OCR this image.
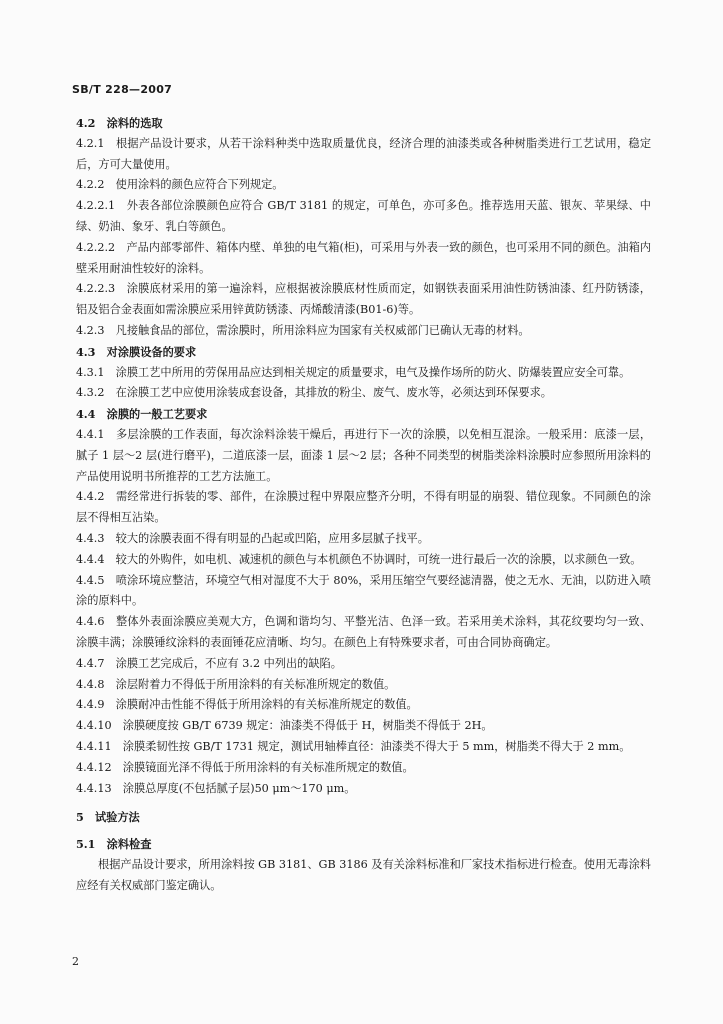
SB/T 228—2007

4.2　涂料的选取

4.2.1　根据产品设计要求，从若干涂料种类中选取质量优良，经济合理的油漆类或各种树脂类进行工艺试用，稳定后，方可大量使用。

4.2.2　使用涂料的颜色应符合下列规定。

4.2.2.1　外表各部位涂膜颜色应符合 GB/T 3181 的规定，可单色，亦可多色。推荐选用天蓝、银灰、苹果绿、中绿、奶油、象牙、乳白等颜色。

4.2.2.2　产品内部零部件、箱体内壁、单独的电气箱(柜)，可采用与外表一致的颜色，也可采用不同的颜色。油箱内壁采用耐油性较好的涂料。

4.2.2.3　涂膜底材采用的第一遍涂料，应根据被涂膜底材性质而定，如钢铁表面采用油性防锈油漆、红丹防锈漆，铝及铝合金表面如需涂膜应采用锌黄防锈漆、丙烯酸清漆(B01-6)等。

4.2.3　凡接触食品的部位，需涂膜时，所用涂料应为国家有关权威部门已确认无毒的材料。

4.3　对涂膜设备的要求

4.3.1　涂膜工艺中所用的劳保用品应达到相关规定的质量要求，电气及操作场所的防火、防爆装置应安全可靠。

4.3.2　在涂膜工艺中应使用涂装成套设备，其排放的粉尘、废气、废水等，必须达到环保要求。

4.4　涂膜的一般工艺要求

4.4.1　多层涂膜的工作表面，每次涂料涂装干燥后，再进行下一次的涂膜，以免相互混涂。一般采用：底漆一层，腻子 1 层～2 层(进行磨平)，二道底漆一层，面漆 1 层～2 层；各种不同类型的树脂类涂料涂膜时应参照所用涂料的产品使用说明书所推荐的工艺方法施工。

4.4.2　需经常进行拆装的零、部件，在涂膜过程中界限应整齐分明，不得有明显的崩裂、错位现象。不同颜色的涂层不得相互沾染。

4.4.3　较大的涂膜表面不得有明显的凸起或凹陷，应用多层腻子找平。

4.4.4　较大的外购件，如电机、减速机的颜色与本机颜色不协调时，可统一进行最后一次的涂膜，以求颜色一致。

4.4.5　喷涂环境应整洁，环境空气相对湿度不大于 80%，采用压缩空气要经滤清器，使之无水、无油，以防进入喷涂的原料中。

4.4.6　整体外表面涂膜应美观大方，色调和谐均匀、平整光洁、色泽一致。若采用美术涂料，其花纹要均匀一致、涂膜丰满；涂膜锤纹涂料的表面锤花应清晰、均匀。在颜色上有特殊要求者，可由合同协商确定。

4.4.7　涂膜工艺完成后，不应有 3.2 中列出的缺陷。

4.4.8　涂层附着力不得低于所用涂料的有关标准所规定的数值。

4.4.9　涂膜耐冲击性能不得低于所用涂料的有关标准所规定的数值。

4.4.10　涂膜硬度按 GB/T 6739 规定：油漆类不得低于 H，树脂类不得低于 2H。

4.4.11　涂膜柔韧性按 GB/T 1731 规定，测试用轴棒直径：油漆类不得大于 5 mm，树脂类不得大于 2 mm。

4.4.12　涂膜镜面光泽不得低于所用涂料的有关标准所规定的数值。

4.4.13　涂膜总厚度(不包括腻子层)50 μm～170 μm。

5　试验方法

5.1　涂料检查

根据产品设计要求，所用涂料按 GB 3181、GB 3186 及有关涂料标准和厂家技术指标进行检查。使用无毒涂料应经有关权威部门鉴定确认。

2
